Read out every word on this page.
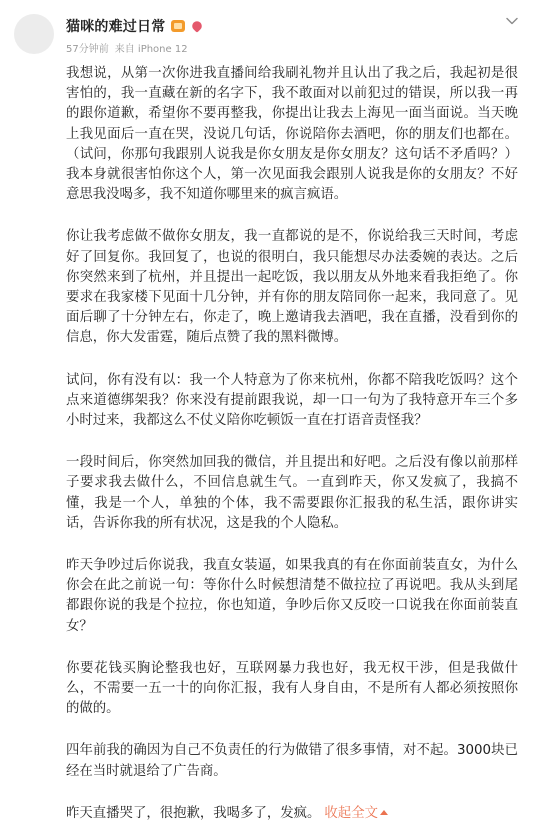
猫咪的难过日常
57分钟前 来自 iPhone 12

我想说，从第一次你进我直播间给我刷礼物并且认出了我之后，我起初是很害怕的，我一直藏在新的名字下，我不敢面对以前犯过的错误，所以我一再的跟你道歉，希望你不要再整我，你提出让我去上海见一面当面说。当天晚上我见面后一直在哭，没说几句话，你说陪你去酒吧，你的朋友们也都在。（试问，你那句我跟别人说我是你女朋友是你女朋友？这句话不矛盾吗？）我本身就很害怕你这个人，第一次见面我会跟别人说我是你的女朋友？不好意思我没喝多，我不知道你哪里来的疯言疯语。

你让我考虑做不做你女朋友，我一直都说的是不，你说给我三天时间，考虑好了回复你。我回复了，也说的很明白，我只能想尽办法委婉的表达。之后你突然来到了杭州，并且提出一起吃饭，我以朋友从外地来看我拒绝了。你要求在我家楼下见面十几分钟，并有你的朋友陪同你一起来，我同意了。见面后聊了十分钟左右，你走了，晚上邀请我去酒吧，我在直播，没看到你的信息，你大发雷霆，随后点赞了我的黑料微博。

试问，你有没有以：我一个人特意为了你来杭州，你都不陪我吃饭吗？这个点来道德绑架我？你来没有提前跟我说，却一口一句为了我特意开车三个多小时过来，我都这么不仗义陪你吃顿饭一直在打语音责怪我？

一段时间后，你突然加回我的微信，并且提出和好吧。之后没有像以前那样子要求我去做什么，不回信息就生气。一直到昨天，你又发疯了，我搞不懂，我是一个人，单独的个体，我不需要跟你汇报我的私生活，跟你讲实话，告诉你我的所有状况，这是我的个人隐私。

昨天争吵过后你说我，我直女装逼，如果我真的有在你面前装直女，为什么你会在此之前说一句：等你什么时候想清楚不做拉拉了再说吧。我从头到尾都跟你说的我是个拉拉，你也知道，争吵后你又反咬一口说我在你面前装直女？

你要花钱买胸论整我也好，互联网暴力我也好，我无权干涉，但是我做什么，不需要一五一十的向你汇报，我有人身自由，不是所有人都必须按照你的做的。

四年前我的确因为自己不负责任的行为做错了很多事情，对不起。3000块已经在当时就退给了广告商。

昨天直播哭了，很抱歉，我喝多了，发疯。 收起全文
